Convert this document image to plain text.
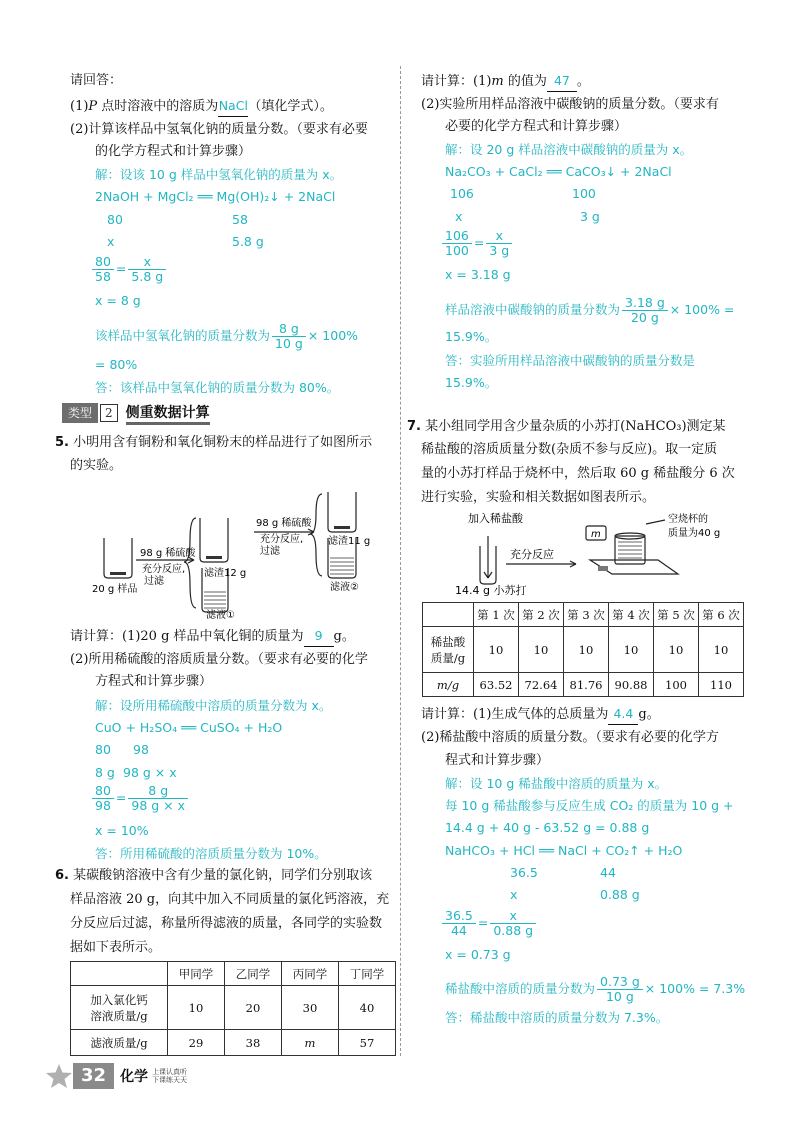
请回答：
(1)P 点时溶液中的溶质为NaCl（填化学式）。
(2)计算该样品中氢氧化钠的质量分数。（要求有必要
的化学方程式和计算步骤）
解：设该 10 g 样品中氢氧化钠的质量为 x。
2NaOH + MgCl₂ ══ Mg(OH)₂↓ + 2NaCl
80	58
x	5.8 g
$\frac{80}{58} = \frac{x}{5.8 g}$
x = 8 g
该样品中氢氧化钠的质量分数为 $\frac{8 g}{10 g} \times 100\%$
= 80%
答：该样品中氢氧化钠的质量分数为 80%。
类型	2 侧重数据计算
5. 小明用含有铜粉和氧化铜粉末的样品进行了如图所示
的实验。
98 g 稀硫酸
充分反应,
过滤
20 g 样品
滤渣12 g
98 g 稀硫酸
充分反应,
过滤
滤渣11 g
滤液①
滤液②
请计算：(1)20 g 样品中氧化铜的质量为 9 g。
(2)所用稀硫酸的溶质质量分数。（要求有必要的化学
方程式和计算步骤）
解：设所用稀硫酸中溶质的质量分数为 x。
CuO + H₂SO₄ ══ CuSO₄ + H₂O
80 98
8 g 98 g × x
$\frac{80}{98} = \frac{8 g}{98 g \times x}$
x = 10%
答：所用稀硫酸的溶质质量分数为 10%。
6. 某碳酸钠溶液中含有少量的氯化钠，同学们分别取该
样品溶液 20 g，向其中加入不同质量的氯化钙溶液，充
分反应后过滤，称量所得滤液的质量，各同学的实验数
据如下表所示。
	甲同学	乙同学	丙同学	丁同学
加入氯化钙
溶液质量/g	10	20	30	40
滤液质量/g	29	38	m	57
请计算：(1)m 的值为 47 。
(2)实验所用样品溶液中碳酸钠的质量分数。（要求有
必要的化学方程式和计算步骤）
解：设 20 g 样品溶液中碳酸钠的质量为 x。
Na₂CO₃ + CaCl₂ ══ CaCO₃↓ + 2NaCl
106	100
x	3 g
$\frac{106}{100} = \frac{x}{3 g}$
x = 3.18 g
样品溶液中碳酸钠的质量分数为 $\frac{3.18 g}{20 g} \times 100\%$ =
15.9%。
答：实验所用样品溶液中碳酸钠的质量分数是
15.9%。
7. 某小组同学用含少量杂质的小苏打(NaHCO₃)测定某
稀盐酸的溶质质量分数(杂质不参与反应)。取一定质
量的小苏打样品于烧杯中，然后取 60 g 稀盐酸分 6 次
进行实验，实验和相关数据如图表所示。
加入稀盐酸
充分反应
14.4 g 小苏打
m
空烧杯的
质量为40 g
	第 1 次	第 2 次	第 3 次	第 4 次	第 5 次	第 6 次
稀盐酸
质量/g	10	10	10	10	10	10
m/g	63.52	72.64	81.76	90.88	100	110
请计算：(1)生成气体的总质量为 4.4 g。
(2)稀盐酸中溶质的质量分数。（要求有必要的化学方
程式和计算步骤）
解：设 10 g 稀盐酸中溶质的质量为 x。
每 10 g 稀盐酸参与反应生成 CO₂ 的质量为 10 g +
14.4 g + 40 g - 63.52 g = 0.88 g
NaHCO₃ + HCl ══ NaCl + CO₂↑ + H₂O
36.5	44
x	0.88 g
$\frac{36.5}{44} = \frac{x}{0.88 g}$
x = 0.73 g
稀盐酸中溶质的质量分数为 $\frac{0.73 g}{10 g} \times 100\% = 7.3\%$
答：稀盐酸中溶质的质量分数为 7.3%。
32	化学 上课认真听
下课练天天
